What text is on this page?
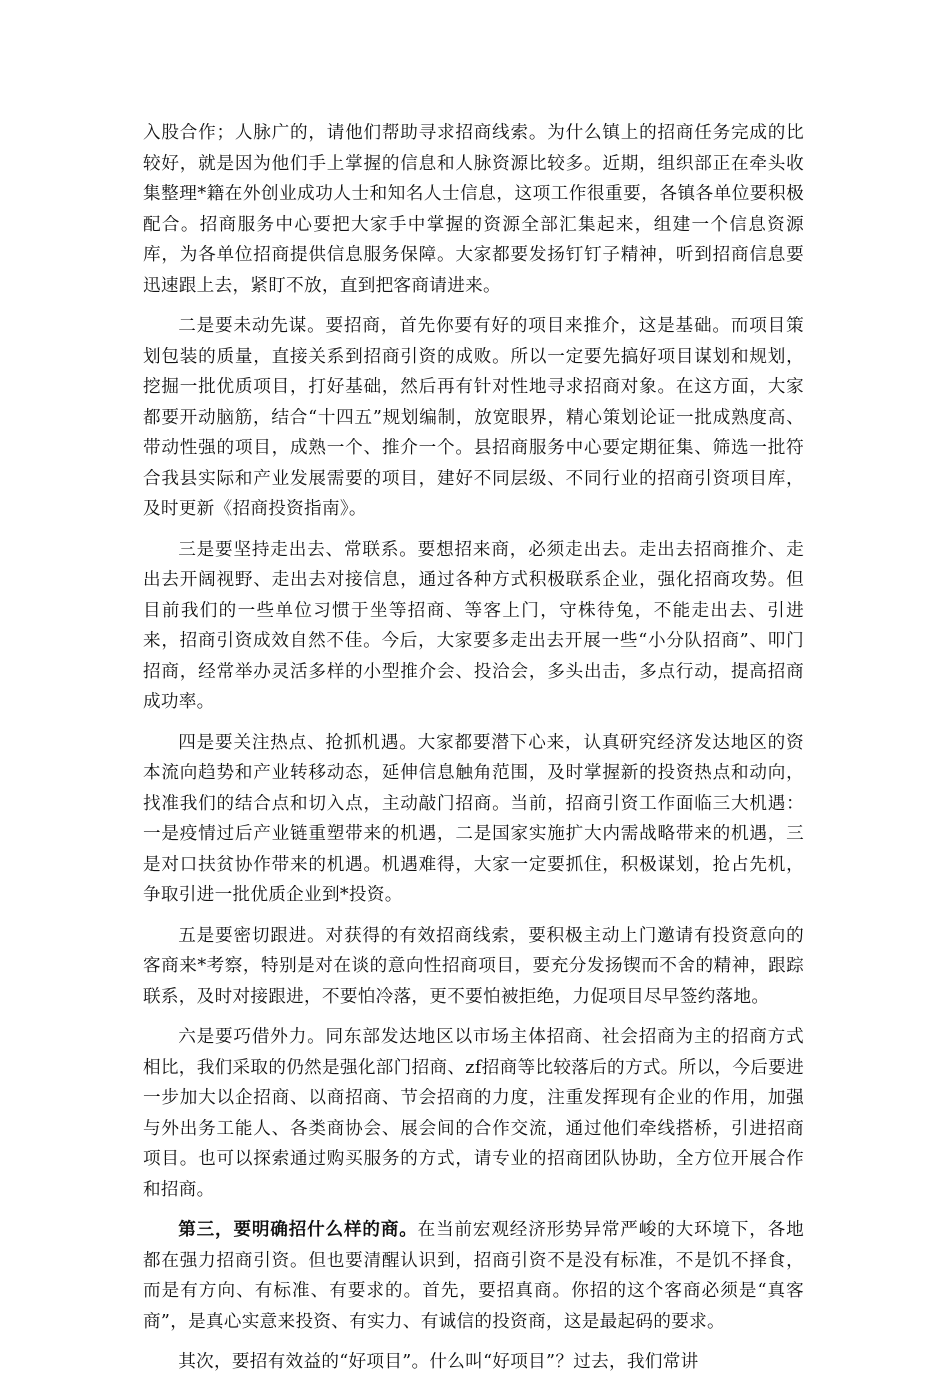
入股合作；人脉广的，请他们帮助寻求招商线索。为什么镇上的招商任务完成的比较好，就是因为他们手上掌握的信息和人脉资源比较多。近期，组织部正在牵头收集整理*籍在外创业成功人士和知名人士信息，这项工作很重要，各镇各单位要积极配合。招商服务中心要把大家手中掌握的资源全部汇集起来，组建一个信息资源库，为各单位招商提供信息服务保障。大家都要发扬钉钉子精神，听到招商信息要迅速跟上去，紧盯不放，直到把客商请进来。

二是要未动先谋。要招商，首先你要有好的项目来推介，这是基础。而项目策划包装的质量，直接关系到招商引资的成败。所以一定要先搞好项目谋划和规划，挖掘一批优质项目，打好基础，然后再有针对性地寻求招商对象。在这方面，大家都要开动脑筋，结合“十四五”规划编制，放宽眼界，精心策划论证一批成熟度高、带动性强的项目，成熟一个、推介一个。县招商服务中心要定期征集、筛选一批符合我县实际和产业发展需要的项目，建好不同层级、不同行业的招商引资项目库，及时更新《招商投资指南》。

三是要坚持走出去、常联系。要想招来商，必须走出去。走出去招商推介、走出去开阔视野、走出去对接信息，通过各种方式积极联系企业，强化招商攻势。但目前我们的一些单位习惯于坐等招商、等客上门，守株待兔，不能走出去、引进来，招商引资成效自然不佳。今后，大家要多走出去开展一些“小分队招商”、叩门招商，经常举办灵活多样的小型推介会、投洽会，多头出击，多点行动，提高招商成功率。

四是要关注热点、抢抓机遇。大家都要潜下心来，认真研究经济发达地区的资本流向趋势和产业转移动态，延伸信息触角范围，及时掌握新的投资热点和动向，找准我们的结合点和切入点，主动敲门招商。当前，招商引资工作面临三大机遇：一是疫情过后产业链重塑带来的机遇，二是国家实施扩大内需战略带来的机遇，三是对口扶贫协作带来的机遇。机遇难得，大家一定要抓住，积极谋划，抢占先机，争取引进一批优质企业到*投资。

五是要密切跟进。对获得的有效招商线索，要积极主动上门邀请有投资意向的客商来*考察，特别是对在谈的意向性招商项目，要充分发扬锲而不舍的精神，跟踪联系，及时对接跟进，不要怕冷落，更不要怕被拒绝，力促项目尽早签约落地。

六是要巧借外力。同东部发达地区以市场主体招商、社会招商为主的招商方式相比，我们采取的仍然是强化部门招商、zf招商等比较落后的方式。所以，今后要进一步加大以企招商、以商招商、节会招商的力度，注重发挥现有企业的作用，加强与外出务工能人、各类商协会、展会间的合作交流，通过他们牵线搭桥，引进招商项目。也可以探索通过购买服务的方式，请专业的招商团队协助，全方位开展合作和招商。

第三，要明确招什么样的商。在当前宏观经济形势异常严峻的大环境下，各地都在强力招商引资。但也要清醒认识到，招商引资不是没有标准，不是饥不择食，而是有方向、有标准、有要求的。首先，要招真商。你招的这个客商必须是“真客商”，是真心实意来投资、有实力、有诚信的投资商，这是最起码的要求。

其次，要招有效益的“好项目”。什么叫“好项目”？过去，我们常讲
